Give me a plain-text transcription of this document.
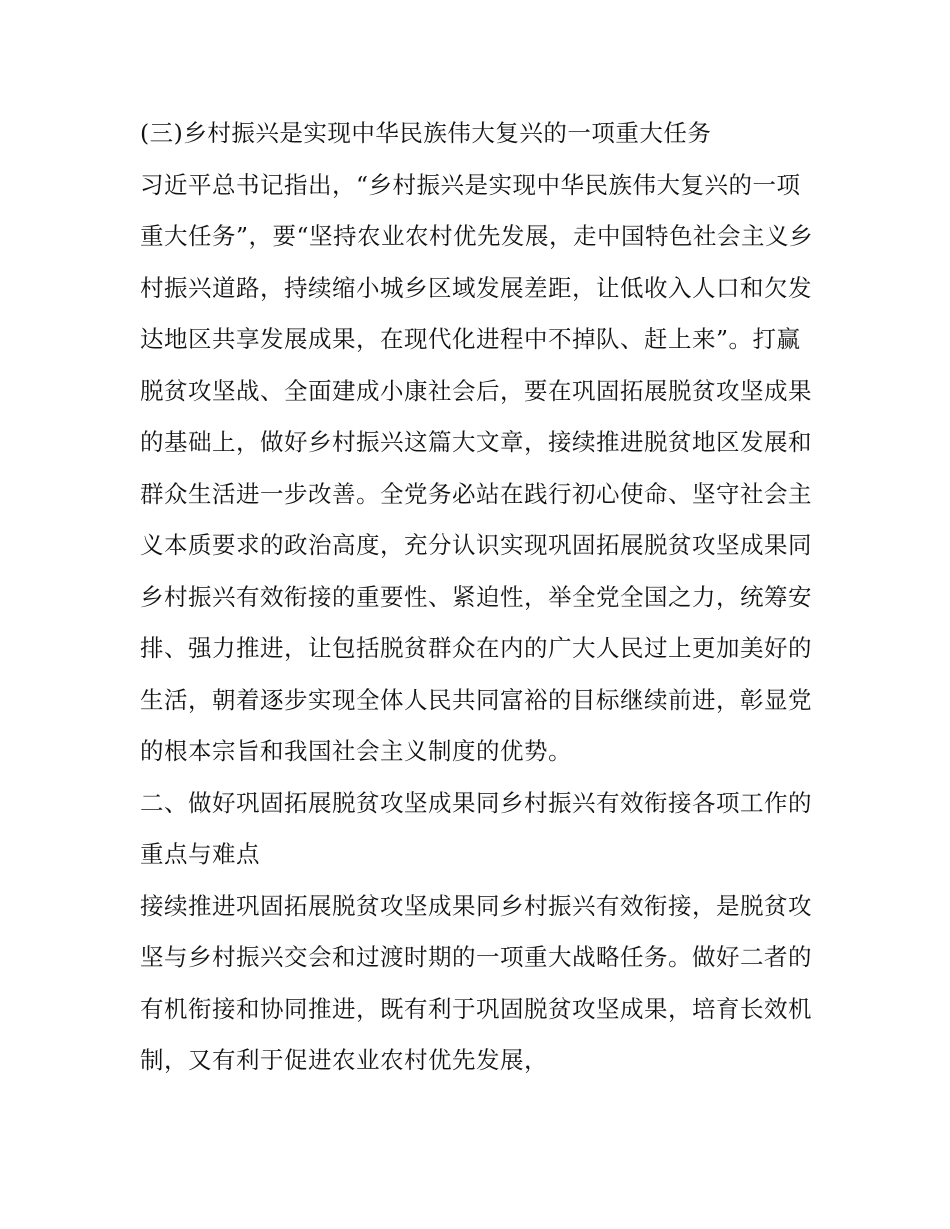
(三)乡村振兴是实现中华民族伟大复兴的一项重大任务

习近平总书记指出，“乡村振兴是实现中华民族伟大复兴的一项重大任务”，要“坚持农业农村优先发展，走中国特色社会主义乡村振兴道路，持续缩小城乡区域发展差距，让低收入人口和欠发达地区共享发展成果，在现代化进程中不掉队、赶上来”。打赢脱贫攻坚战、全面建成小康社会后，要在巩固拓展脱贫攻坚成果的基础上，做好乡村振兴这篇大文章，接续推进脱贫地区发展和群众生活进一步改善。全党务必站在践行初心使命、坚守社会主义本质要求的政治高度，充分认识实现巩固拓展脱贫攻坚成果同乡村振兴有效衔接的重要性、紧迫性，举全党全国之力，统筹安排、强力推进，让包括脱贫群众在内的广大人民过上更加美好的生活，朝着逐步实现全体人民共同富裕的目标继续前进，彰显党的根本宗旨和我国社会主义制度的优势。

二、做好巩固拓展脱贫攻坚成果同乡村振兴有效衔接各项工作的重点与难点

接续推进巩固拓展脱贫攻坚成果同乡村振兴有效衔接，是脱贫攻坚与乡村振兴交会和过渡时期的一项重大战略任务。做好二者的有机衔接和协同推进，既有利于巩固脱贫攻坚成果，培育长效机制，又有利于促进农业农村优先发展，
